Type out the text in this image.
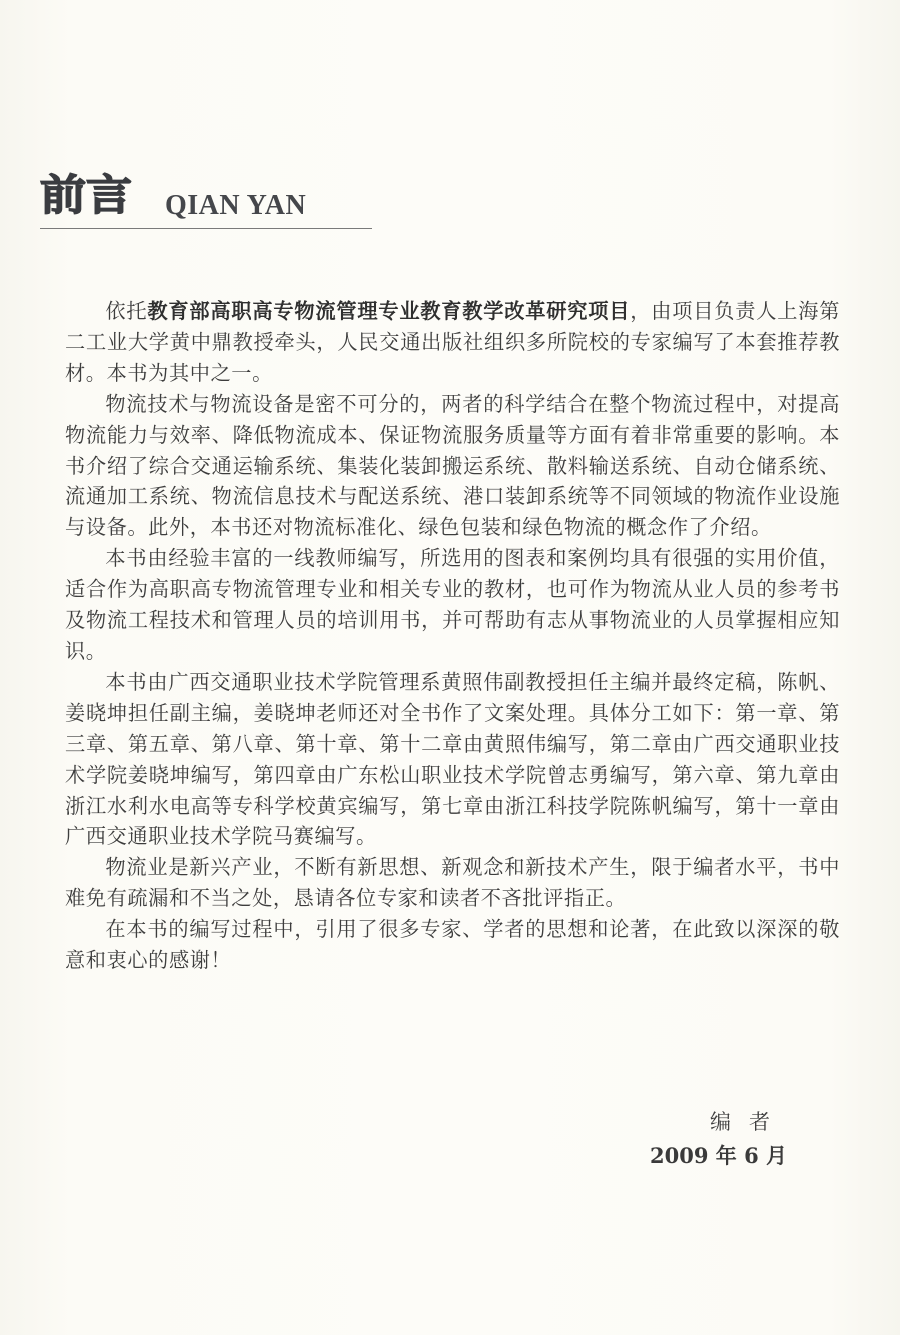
前言 QIAN YAN

依托教育部高职高专物流管理专业教育教学改革研究项目，由项目负责人上海第二工业大学黄中鼎教授牵头，人民交通出版社组织多所院校的专家编写了本套推荐教材。本书为其中之一。

物流技术与物流设备是密不可分的，两者的科学结合在整个物流过程中，对提高物流能力与效率、降低物流成本、保证物流服务质量等方面有着非常重要的影响。本书介绍了综合交通运输系统、集装化装卸搬运系统、散料输送系统、自动仓储系统、流通加工系统、物流信息技术与配送系统、港口装卸系统等不同领域的物流作业设施与设备。此外，本书还对物流标准化、绿色包装和绿色物流的概念作了介绍。

本书由经验丰富的一线教师编写，所选用的图表和案例均具有很强的实用价值，适合作为高职高专物流管理专业和相关专业的教材，也可作为物流从业人员的参考书及物流工程技术和管理人员的培训用书，并可帮助有志从事物流业的人员掌握相应知识。

本书由广西交通职业技术学院管理系黄照伟副教授担任主编并最终定稿，陈帆、姜晓坤担任副主编，姜晓坤老师还对全书作了文案处理。具体分工如下：第一章、第三章、第五章、第八章、第十章、第十二章由黄照伟编写，第二章由广西交通职业技术学院姜晓坤编写，第四章由广东松山职业技术学院曾志勇编写，第六章、第九章由浙江水利水电高等专科学校黄宾编写，第七章由浙江科技学院陈帆编写，第十一章由广西交通职业技术学院马赛编写。

物流业是新兴产业，不断有新思想、新观念和新技术产生，限于编者水平，书中难免有疏漏和不当之处，恳请各位专家和读者不吝批评指正。

在本书的编写过程中，引用了很多专家、学者的思想和论著，在此致以深深的敬意和衷心的感谢！

编者
2009 年 6 月
